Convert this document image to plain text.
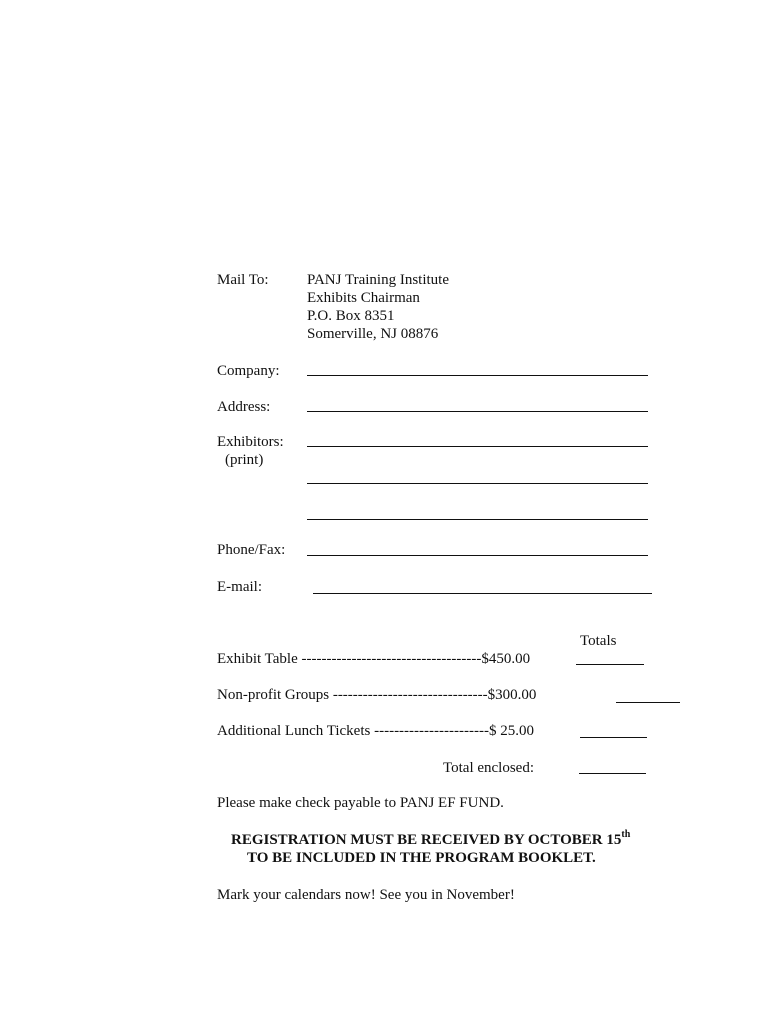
Mail To:	PANJ Training Institute
Exhibits Chairman
P.O. Box 8351
Somerville, NJ 08876
Company:
Address:
Exhibitors:
(print)
Phone/Fax:
E-mail:
Totals
Exhibit Table ------------------------------------$450.00
Non-profit Groups -------------------------------$300.00
Additional Lunch Tickets -----------------------$ 25.00
Total enclosed:
Please make check payable to PANJ EF FUND.
REGISTRATION MUST BE RECEIVED BY OCTOBER 15th
TO BE INCLUDED IN THE PROGRAM BOOKLET.
Mark your calendars now! See you in November!
